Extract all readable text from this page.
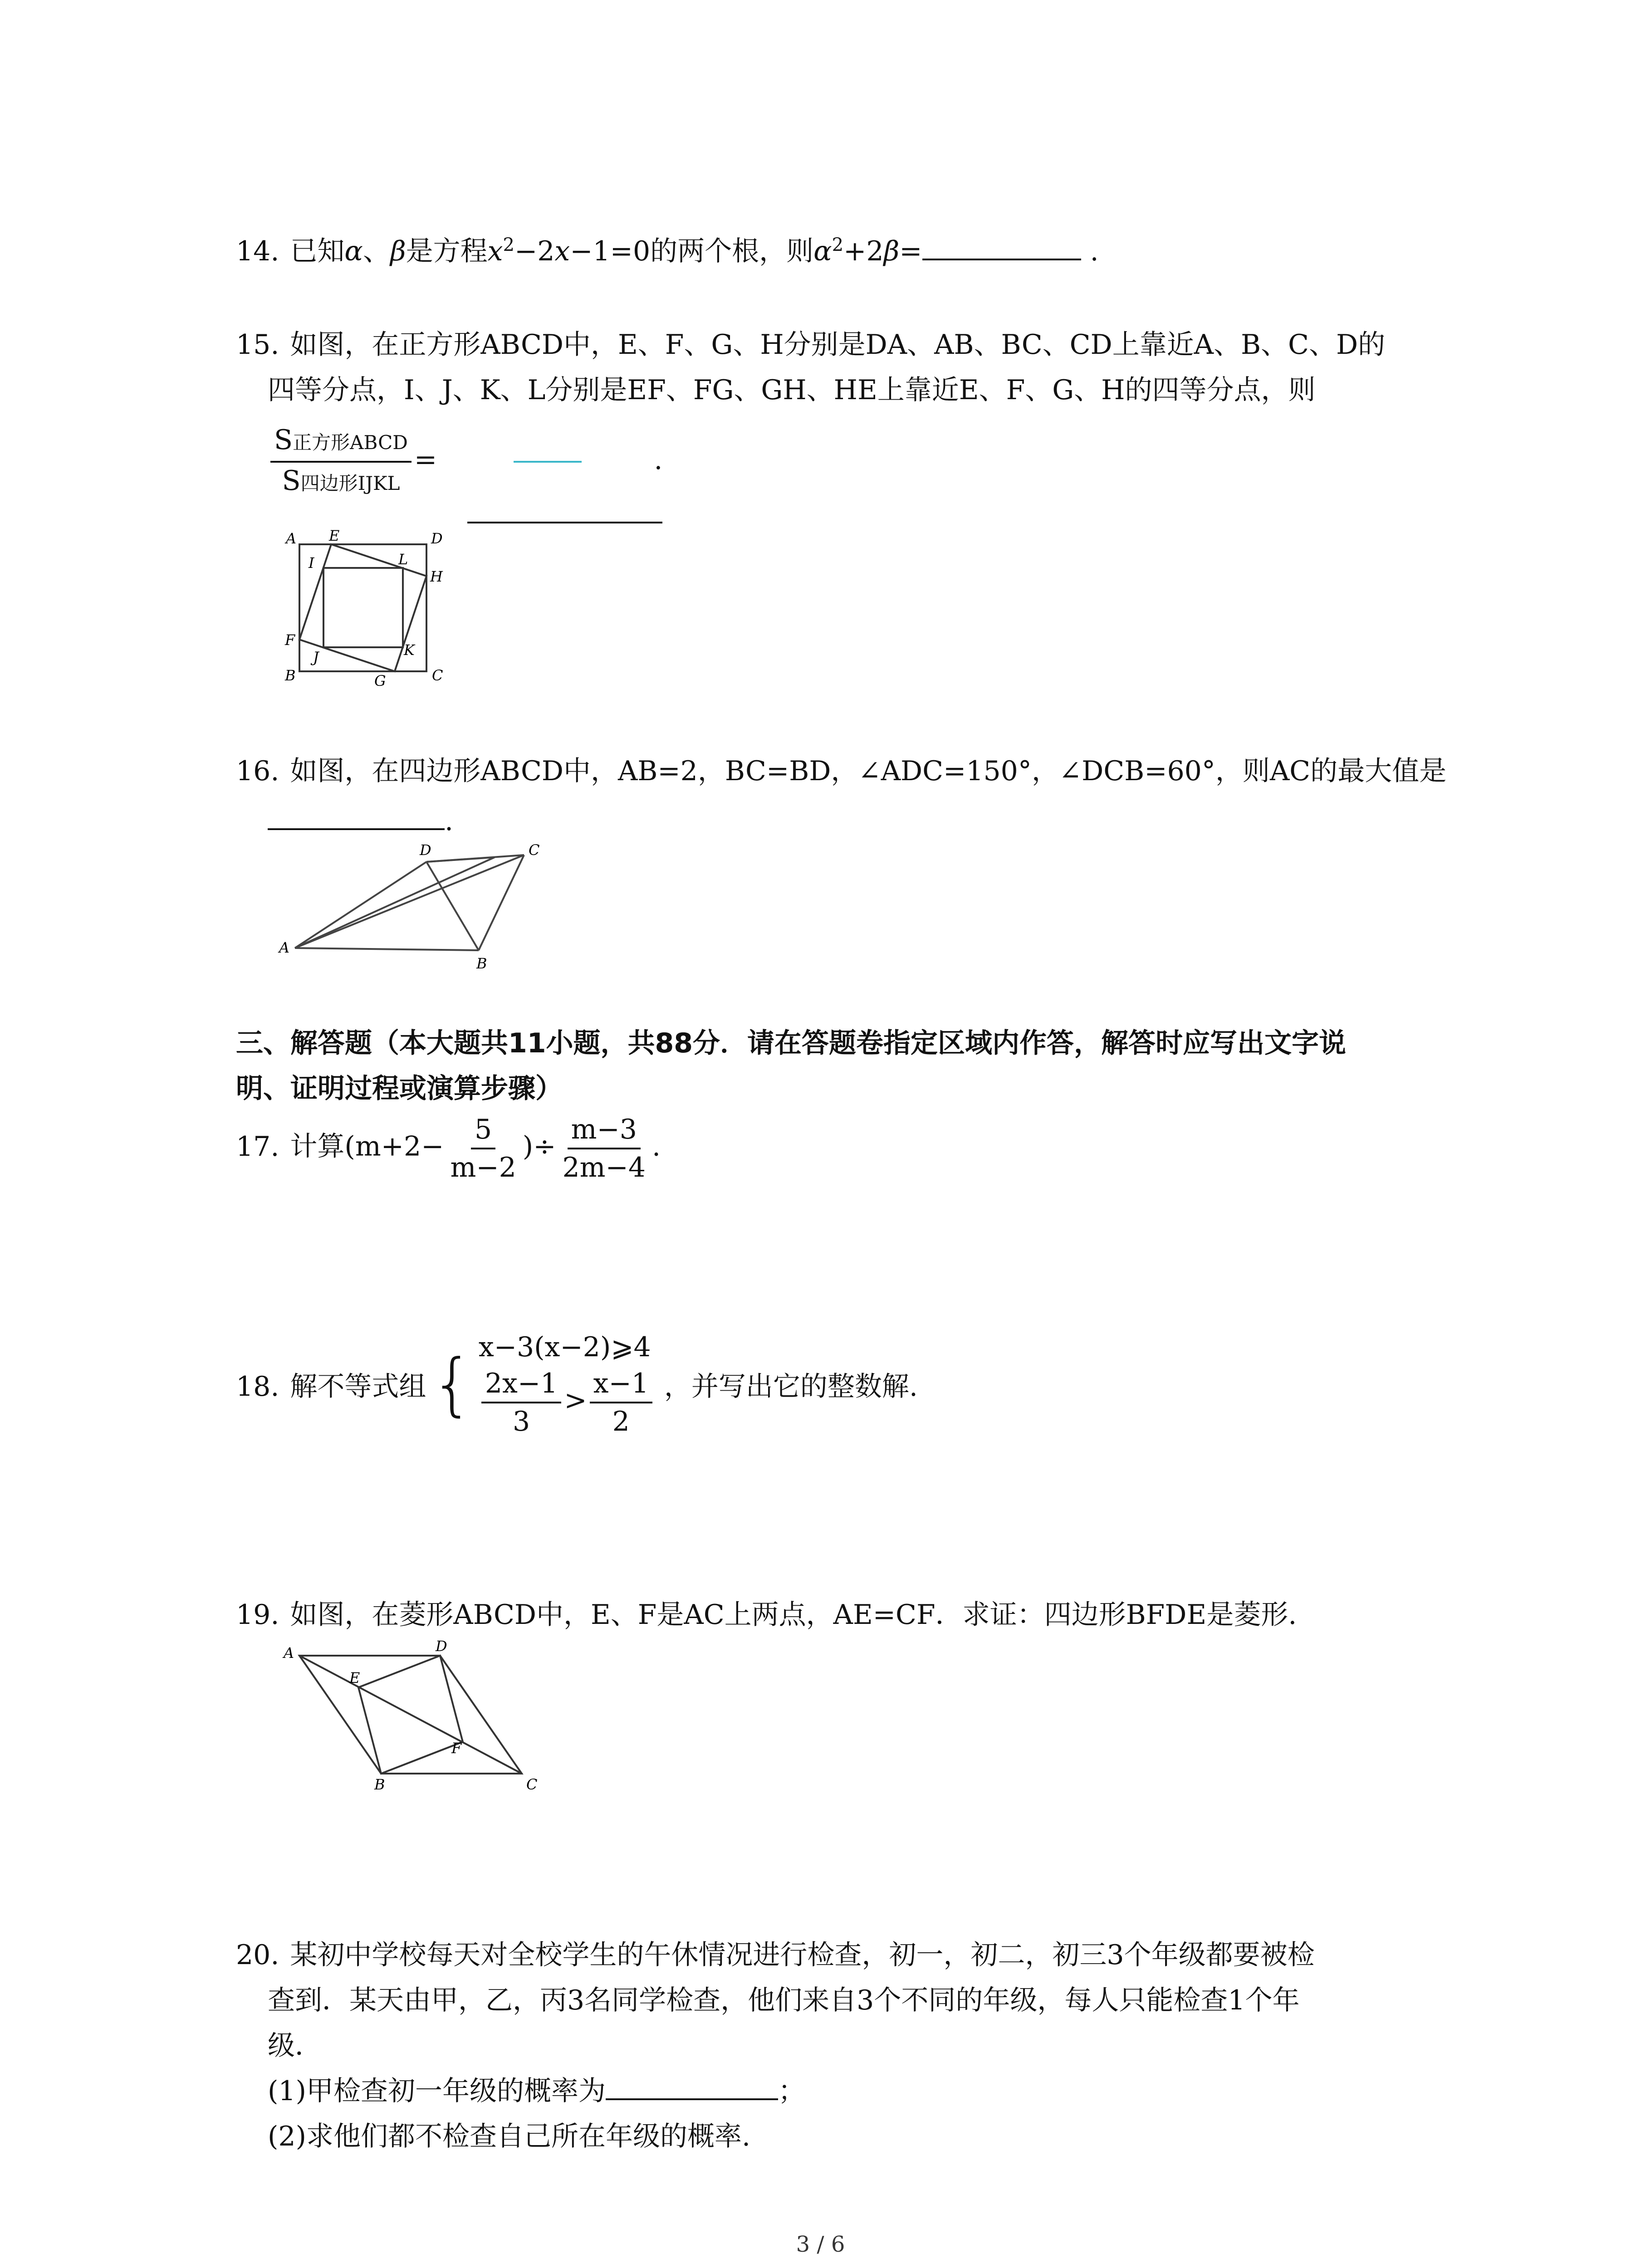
14. 已知α、β是方程$x^2-2x-1=0$的两个根，则$\alpha^2+2\beta=$	.
15. 如图，在正方形ABCD中，E、F、G、H分别是DA、AB、BC、CD上靠近A、B、C、D的
四等分点，I、J、K、L分别是EF、FG、GH、HE上靠近E、F、G、H的四等分点，则
$\frac{\text{S正方形ABCD}}{\text{S四边形IJKL}}$ =	.
A E	D
I	L
H
F
J	K
B	G	C
16. 如图，在四边形ABCD中，AB=2，BC=BD，∠ADC=150°，∠DCB=60°，则AC的最大值是
.
A
D	C
B
三、解答题（本大题共11小题，共88分．请在答题卷指定区域内作答，解答时应写出文字说
明、证明过程或演算步骤）
17. 计算($m+2- \frac{5}{m-2}$ )÷ $\frac{m-3}{2m-4}$ .
18. 解不等式组{ x−3(x−2)⩾4
$\frac{2x-1}{3} > \frac{x-1}{2}$ ，并写出它的整数解.
19. 如图，在菱形ABCD中，E、F是AC上两点，AE=CF．求证：四边形BFDE是菱形.
A	D
E
F
B	C
20. 某初中学校每天对全校学生的午休情况进行检查，初一，初二，初三3个年级都要被检
查到．某天由甲，乙，丙3名同学检查，他们来自3个不同的年级，每人只能检查1个年
级．
(1)甲检查初一年级的概率为	；
(2)求他们都不检查自己所在年级的概率.
3 / 6
